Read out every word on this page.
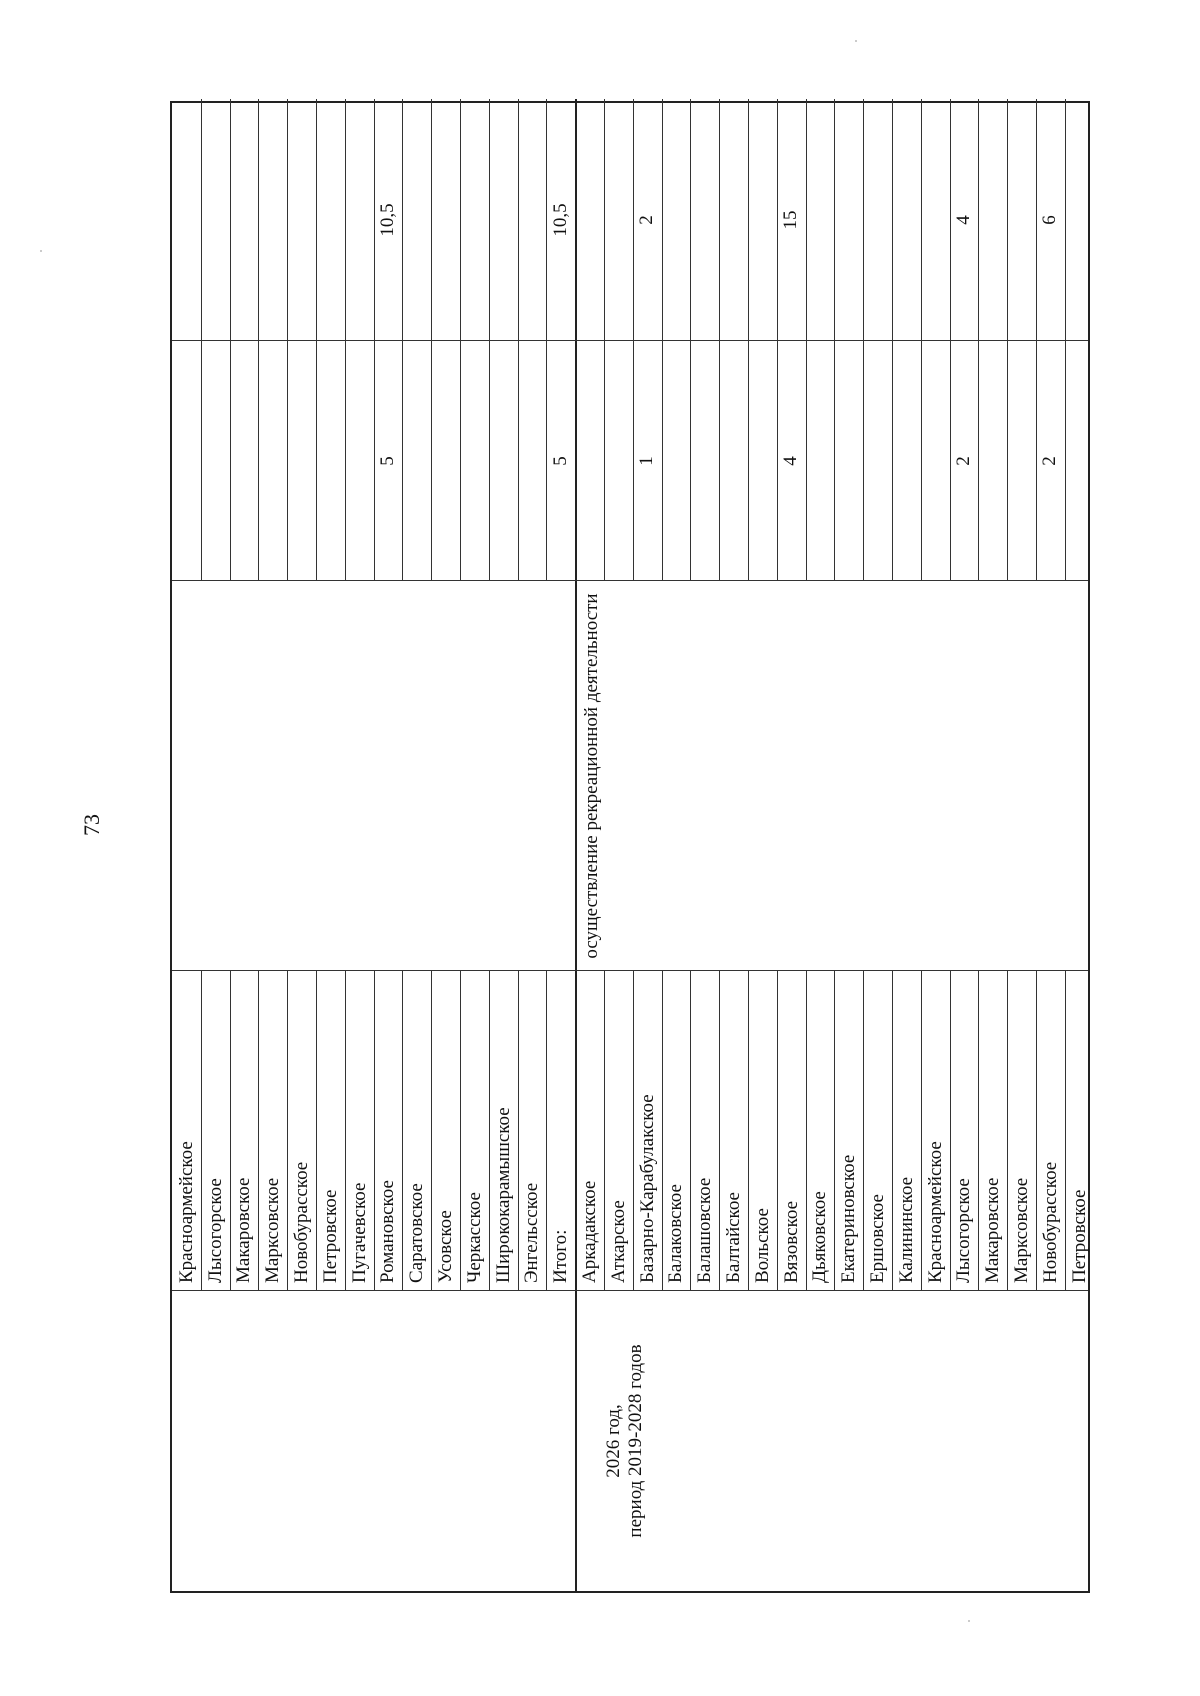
73
Красноармейское Лысогорское Макаровское Марксовское Новобурасское Петровское Пугачевское Романовское
5
10,5
Саратовское Усовское Черкасское Ширококарамышское Энгельсское Итого:
5
10,5
2026 год,
период 2019-2028 годов
осуществление рекреационной деятельности
Аркадакское Аткарское Базарно-Карабулакское
1
2
Балаковское Балашовское Балтайское Вольское Вязовское
4
15
Дьяковское Екатериновское Ершовское Калининское Красноармейское Лысогорское
2
4
Макаровское Марксовское Новобурасское
2
6
Петровское
